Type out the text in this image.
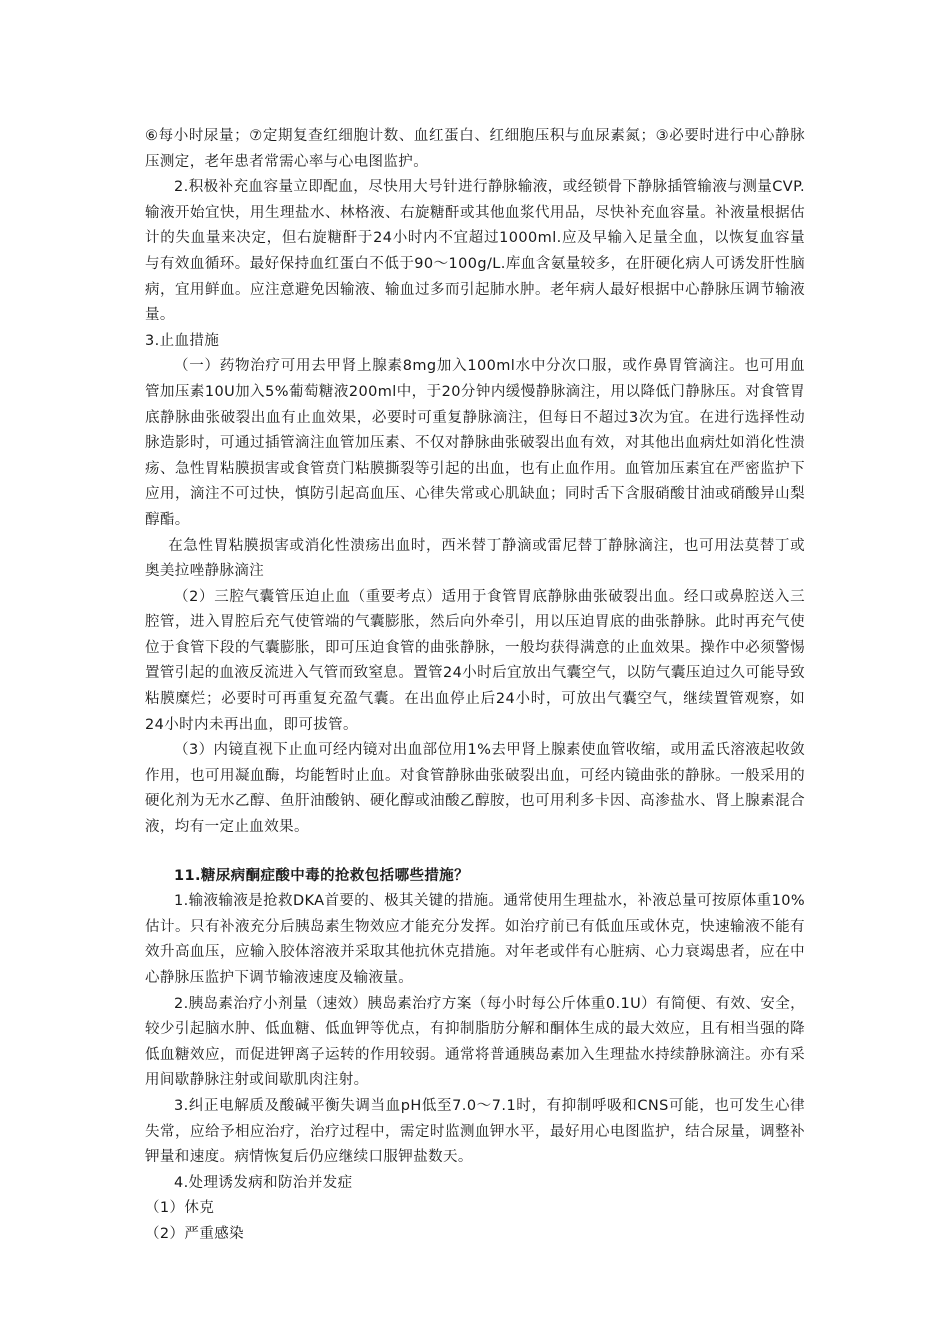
⑥每小时尿量；⑦定期复查红细胞计数、血红蛋白、红细胞压积与血尿素氮；③必要时进行中心静脉压测定，老年患者常需心率与心电图监护。

2.积极补充血容量立即配血，尽快用大号针进行静脉输液，或经锁骨下静脉插管输液与测量CVP.输液开始宜快，用生理盐水、林格液、右旋糖酐或其他血浆代用品，尽快补充血容量。补液量根据估计的失血量来决定，但右旋糖酐于24小时内不宜超过1000ml.应及早输入足量全血，以恢复血容量与有效血循环。最好保持血红蛋白不低于90～100g/L.库血含氨量较多，在肝硬化病人可诱发肝性脑病，宜用鲜血。应注意避免因输液、输血过多而引起肺水肿。老年病人最好根据中心静脉压调节输液量。

3.止血措施

（一）药物治疗可用去甲肾上腺素8mg加入100ml水中分次口服，或作鼻胃管滴注。也可用血管加压素10U加入5%葡萄糖液200ml中，于20分钟内缓慢静脉滴注，用以降低门静脉压。对食管胃底静脉曲张破裂出血有止血效果，必要时可重复静脉滴注，但每日不超过3次为宜。在进行选择性动脉造影时，可通过插管滴注血管加压素、不仅对静脉曲张破裂出血有效，对其他出血病灶如消化性溃疡、急性胃粘膜损害或食管贲门粘膜撕裂等引起的出血，也有止血作用。血管加压素宜在严密监护下应用，滴注不可过快，慎防引起高血压、心律失常或心肌缺血；同时舌下含服硝酸甘油或硝酸异山梨醇酯。

在急性胃粘膜损害或消化性溃疡出血时，西米替丁静滴或雷尼替丁静脉滴注，也可用法莫替丁或奥美拉唑静脉滴注

（2）三腔气囊管压迫止血（重要考点）适用于食管胃底静脉曲张破裂出血。经口或鼻腔送入三腔管，进入胃腔后充气使管端的气囊膨胀，然后向外牵引，用以压迫胃底的曲张静脉。此时再充气使位于食管下段的气囊膨胀，即可压迫食管的曲张静脉，一般均获得满意的止血效果。操作中必须警惕置管引起的血液反流进入气管而致窒息。置管24小时后宜放出气囊空气，以防气囊压迫过久可能导致粘膜糜烂；必要时可再重复充盈气囊。在出血停止后24小时，可放出气囊空气，继续置管观察，如24小时内未再出血，即可拔管。

（3）内镜直视下止血可经内镜对出血部位用1%去甲肾上腺素使血管收缩，或用孟氏溶液起收敛作用，也可用凝血酶，均能暂时止血。对食管静脉曲张破裂出血，可经内镜曲张的静脉。一般采用的硬化剂为无水乙醇、鱼肝油酸钠、硬化醇或油酸乙醇胺，也可用利多卡因、高渗盐水、肾上腺素混合液，均有一定止血效果。

11.糖尿病酮症酸中毒的抢救包括哪些措施？

1.输液输液是抢救DKA首要的、极其关键的措施。通常使用生理盐水，补液总量可按原体重10%估计。只有补液充分后胰岛素生物效应才能充分发挥。如治疗前已有低血压或休克，快速输液不能有效升高血压，应输入胶体溶液并采取其他抗休克措施。对年老或伴有心脏病、心力衰竭患者，应在中心静脉压监护下调节输液速度及输液量。

2.胰岛素治疗小剂量（速效）胰岛素治疗方案（每小时每公斤体重0.1U）有简便、有效、安全，较少引起脑水肿、低血糖、低血钾等优点，有抑制脂肪分解和酮体生成的最大效应，且有相当强的降低血糖效应，而促进钾离子运转的作用较弱。通常将普通胰岛素加入生理盐水持续静脉滴注。亦有采用间歇静脉注射或间歇肌肉注射。

3.纠正电解质及酸碱平衡失调当血pH低至7.0～7.1时，有抑制呼吸和CNS可能，也可发生心律失常，应给予相应治疗，治疗过程中，需定时监测血钾水平，最好用心电图监护，结合尿量，调整补钾量和速度。病情恢复后仍应继续口服钾盐数天。

4.处理诱发病和防治并发症

（1）休克

（2）严重感染
